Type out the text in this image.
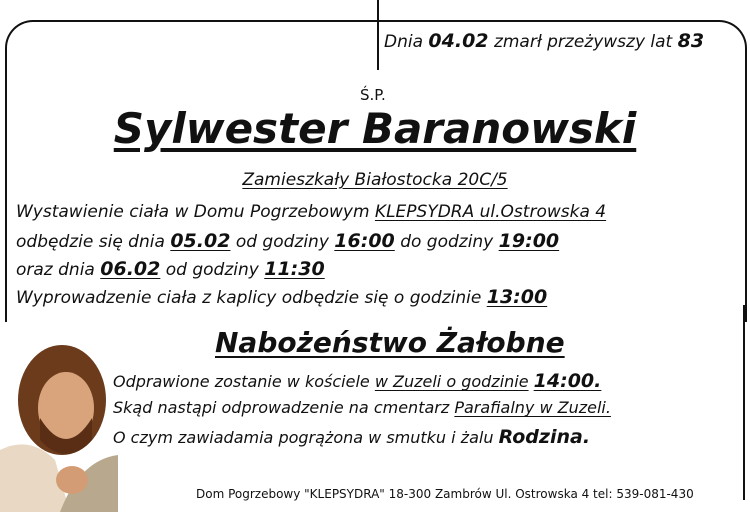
Dnia 04.02 zmarł przeżywszy lat 83
Ś.P.
Sylwester Baranowski
Zamieszkały Białostocka 20C/5
Wystawienie ciała w Domu Pogrzebowym KLEPSYDRA ul.Ostrowska 4
odbędzie się dnia 05.02 od godziny 16:00 do godziny 19:00
oraz dnia 06.02 od godziny 11:30
Wyprowadzenie ciała z kaplicy odbędzie się o godzinie 13:00
Nabożeństwo Żałobne
Odprawione zostanie w kościele w Zuzeli o godzinie 14:00.
Skąd nastąpi odprowadzenie na cmentarz Parafialny w Zuzeli.
O czym zawiadamia pogrążona w smutku i żalu Rodzina.
Dom Pogrzebowy "KLEPSYDRA" 18-300 Zambrów Ul. Ostrowska 4 tel: 539-081-430
